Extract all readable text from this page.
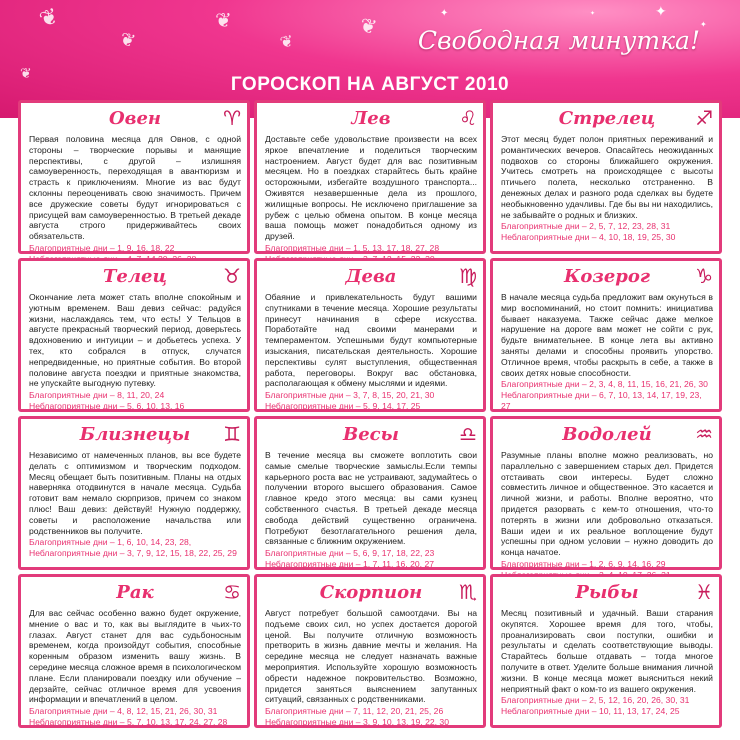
✦	✦
✦
✦
❦
❦
❦
❦
❦
❦
Свободная минутка!
ГОРОСКОП НА АВГУСТ 2010
Овен	♈
Первая половина месяца для Овнов, с одной стороны – творческие порывы и манящие перспективы, с другой – излишняя самоуверенность, переходящая в авантюризм и страсть к приключениям. Многие из вас будут склонны переоценивать свою значимость. Причем все дружеские советы будут игнорироваться с присущей вам самоуверенностью. В третьей декаде августа строго придерживайтесь своих обязательств.
Благоприятные дни – 1, 9, 16, 18, 22
Лев	♌
Доставьте себе удовольствие произвести на всех яркое впечатление и поделиться творческим настроением. Август будет для вас позитивным месяцем. Но в поездках старайтесь быть крайне осторожными, избегайте воздушного транспорта... Оживятся незавершенные дела из прошлого, жилищные вопросы. Не исключено приглашение за рубеж с целью обмена опытом. В конце месяца ваша помощь может понадобиться одному из друзей.
Благоприятные дни – 1, 5, 13, 17, 18, 27, 28
Стрелец	♐
Этот месяц будет полон приятных переживаний и романтических вечеров. Опасайтесь неожиданных подвохов со стороны ближайшего окружения. Учитесь смотреть на происходящее с высоты птичьего полета, несколько отстраненно. В денежных делах и разного рода сделках вы будете необыкновенно удачливы. Где бы вы ни находились, не забывайте о родных и близких.
Благоприятные дни – 2, 5, 7, 12, 23, 28, 31
Неблагоприятные дни – 4, 10, 18, 19, 25, 30
Телец	♉
Окончание лета может стать вполне спокойным и уютным временем. Ваш девиз сейчас: радуйся жизни, наслаждаясь тем, что есть! У Тельцов в августе прекрасный творческий период, доверьтесь вдохновению и интуиции – и добьетесь успеха. У тех, кто собрался в отпуск, случатся непредвиденные, но приятные события. Во второй половине августа поездки и приятные знакомства, не упускайте выгодную путевку.
Благоприятные дни – 8, 11, 20, 24
Неблагоприятные дни – 5, 6, 10, 13, 16
Дева	♍
Обаяние и привлекательность будут вашими спутниками в течение месяца. Хорошие результаты принесут начинания в сфере искусства. Поработайте над своими манерами и темпераментом. Успешными будут компьютерные изыскания, писательская деятельность. Хорошие перспективы сулят выступления, общественная работа, переговоры. Вокруг вас обстановка, располагающая к обмену мыслями и идеями.
Благоприятные дни – 3, 7, 8, 15, 20, 21, 30
Неблагоприятные дни – 5, 9, 14, 17, 25
Козерог	♑
В начале месяца судьба предложит вам окунуться в мир воспоминаний, но стоит помнить: инициатива бывает наказуема. Также сейчас даже мелкое нарушение на дороге вам может не сойти с рук, будьте внимательнее. В конце лета вы активно заняты делами и способны проявить упорство. Отличное время, чтобы раскрыть в себе, а также в своих детях новые способности.
Благоприятные дни – 2, 3, 4, 8, 11, 15, 16, 21, 26, 30
Неблагоприятные дни – 6, 7, 10, 13, 14, 17, 19, 23, 27
Близнецы	♊
Независимо от намеченных планов, вы все будете делать с оптимизмом и творческим подходом. Месяц обещает быть позитивным. Планы на отдых наверняка отодвинутся в начале месяца. Судьба готовит вам немало сюрпризов, причем со знаком плюс! Ваш девиз: действуй! Нужную поддержку, советы и расположение начальства или родственников вы получите.
Благоприятные дни – 1, 6, 10, 14, 23, 28,
Неблагоприятные дни – 3, 7, 9, 12, 15, 18, 22, 25, 29
Весы	♎
В течение месяца вы сможете воплотить свои самые смелые творческие замыслы.Если темпы карьерного роста вас не устраивают, задумайтесь о получении второго высшего образования. Самое главное кредо этого месяца: вы сами кузнец собственного счастья. В третьей декаде месяца свобода действий существенно ограничена. Потребуют безотлагательного решения дела, связанные с ближним окружением.
Благоприятные дни – 5, 6, 9, 17, 18, 22, 23
Неблагоприятные дни – 1, 7, 11, 16, 20, 27
Водолей	♒
Разумные планы вполне можно реализовать, но параллельно с завершением старых дел. Придется отстаивать свои интересы. Будет сложно совместить личное и общественное. Это касается и личной жизни, и работы. Вполне вероятно, что придется разорвать с кем-то отношения, что-то потерять в жизни или добровольно отказаться. Ваши идеи и их реальное воплощение будут успешны при одном условии – нужно доводить до конца начатое.
Благоприятные дни – 1, 2, 6, 9, 14, 16, 29
Рак	♋
Для вас сейчас особенно важно будет окружение, мнение о вас и то, как вы выглядите в чьих-то глазах. Август станет для вас судьбоносным временем, когда произойдут события, способные коренным образом изменить вашу жизнь. В середине месяца сложное время в психологическом плане. Если планировали поездку или обучение – дерзайте, сейчас отличное время для усвоения информации и впечатлений в целом.
Благоприятные дни – 4, 8, 12, 15, 21, 26, 30, 31
Неблагоприятные дни – 5, 7, 10, 13, 17, 24, 27, 28
Скорпион	♏
Август потребует большой самоотдачи. Вы на подъеме своих сил, но успех достается дорогой ценой. Вы получите отличную возможность претворить в жизнь давние мечты и желания. На середине месяца не следует назначать важные мероприятия. Используйте хорошую возможность обрести надежное покровительство. Возможно, придется заняться выяснением запутанных ситуаций, связанных с родственниками.
Благоприятные дни – 7, 11, 12, 20, 21, 25, 26
Неблагоприятные дни – 3, 9, 10, 13, 19, 22, 30
Рыбы	♓
Месяц позитивный и удачный. Ваши старания окупятся. Хорошее время для того, чтобы, проанализировать свои поступки, ошибки и результаты и сделать соответствующие выводы. Старайтесь больше отдавать – тогда многое получите в ответ. Уделите больше внимания личной жизни. В конце месяца может выясниться некий неприятный факт о ком-то из вашего окружения.
Благоприятные дни – 2, 5, 12, 16, 20, 26, 30, 31
Неблагоприятные дни – 10, 11, 13, 17, 24, 25
